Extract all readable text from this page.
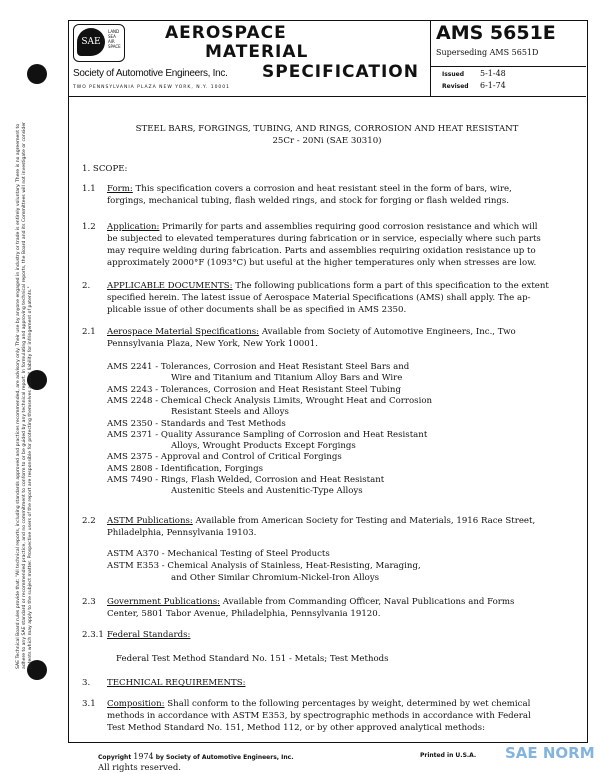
SAE
LAND
SEA
AIR
SPACE
AEROSPACE
MATERIAL
SPECIFICATION
Society of Automotive Engineers, Inc.
TWO PENNSYLVANIA PLAZA NEW YORK, N.Y. 10001
AMS 5651E
Superseding AMS 5651D
Issued 5-1-48
Revised 6-1-74
SAE Technical Board rules provide that: "All technical reports, including standards approved and practices recommended, are advisory only. Their use by anyone engaged in industry or trade is entirely voluntary. There is no agreement to adhere to any SAE standard or recommended practice, and no commitment to conform to or be guided by any technical report. In formulating and approving technical reports, the Board and its Committees will not investigate or consider patents which may apply to the subject matter. Prospective users of the report are responsible for protecting themselves against liability for infringement of patents."
STEEL BARS, FORGINGS, TUBING, AND RINGS, CORROSION AND HEAT RESISTANT
25Cr - 20Ni (SAE 30310)
1. SCOPE:
1.1 Form: This specification covers a corrosion and heat resistant steel in the form of bars, wire,
forgings, mechanical tubing, flash welded rings, and stock for forging or flash welded rings.
1.2 Application: Primarily for parts and assemblies requiring good corrosion resistance and which will
be subjected to elevated temperatures during fabrication or in service, especially where such parts
may require welding during fabrication. Parts and assemblies requiring oxidation resistance up to
approximately 2000°F (1093°C) but useful at the higher temperatures only when stresses are low.
2. APPLICABLE DOCUMENTS: The following publications form a part of this specification to the extent
specified herein. The latest issue of Aerospace Material Specifications (AMS) shall apply. The ap-
plicable issue of other documents shall be as specified in AMS 2350.
2.1 Aerospace Material Specifications: Available from Society of Automotive Engineers, Inc., Two
Pennsylvania Plaza, New York, New York 10001.
AMS 2241 - Tolerances, Corrosion and Heat Resistant Steel Bars and
Wire and Titanium and Titanium Alloy Bars and Wire
AMS 2243 - Tolerances, Corrosion and Heat Resistant Steel Tubing
AMS 2248 - Chemical Check Analysis Limits, Wrought Heat and Corrosion
Resistant Steels and Alloys
AMS 2350 - Standards and Test Methods
AMS 2371 - Quality Assurance Sampling of Corrosion and Heat Resistant
Alloys, Wrought Products Except Forgings
AMS 2375 - Approval and Control of Critical Forgings
AMS 2808 - Identification, Forgings
AMS 7490 - Rings, Flash Welded, Corrosion and Heat Resistant
Austenitic Steels and Austenitic-Type Alloys
2.2 ASTM Publications: Available from American Society for Testing and Materials, 1916 Race Street,
Philadelphia, Pennsylvania 19103.
ASTM A370 - Mechanical Testing of Steel Products
ASTM E353 - Chemical Analysis of Stainless, Heat-Resisting, Maraging,
and Other Similar Chromium-Nickel-Iron Alloys
2.3 Government Publications: Available from Commanding Officer, Naval Publications and Forms
Center, 5801 Tabor Avenue, Philadelphia, Pennsylvania 19120.
2.3.1 Federal Standards:
Federal Test Method Standard No. 151 - Metals; Test Methods
3. TECHNICAL REQUIREMENTS:
3.1 Composition: Shall conform to the following percentages by weight, determined by wet chemical
methods in accordance with ASTM E353, by spectrographic methods in accordance with Federal
Test Method Standard No. 151, Method 112, or by other approved analytical methods:
Copyright 1974 by Society of Automotive Engineers, Inc.
All rights reserved.
Printed in U.S.A. SAE NORM
